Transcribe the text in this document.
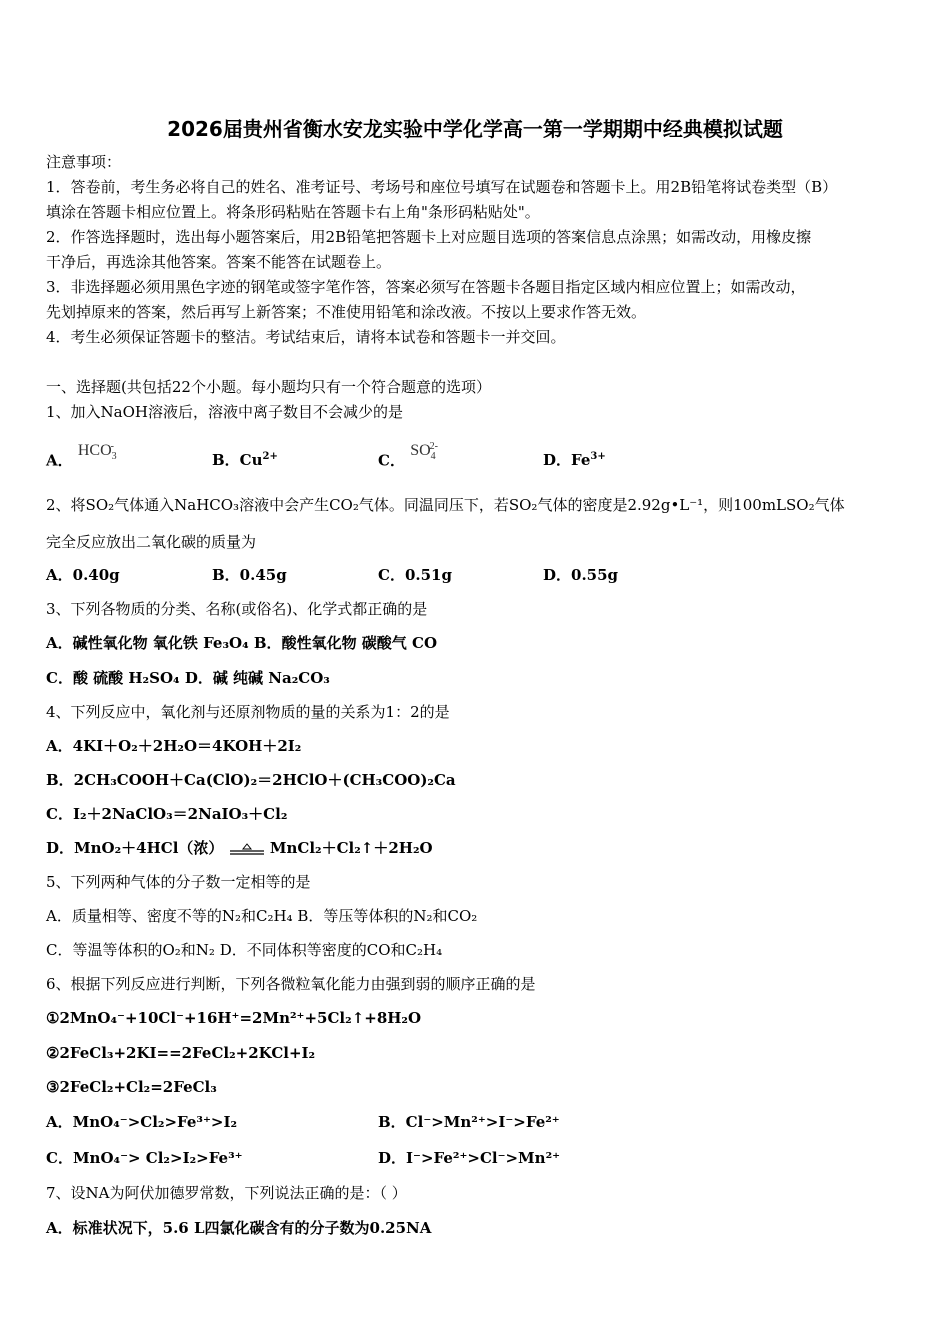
2026届贵州省衡水安龙实验中学化学高一第一学期期中经典模拟试题
注意事项：
1．答卷前，考生务必将自己的姓名、准考证号、考场号和座位号填写在试题卷和答题卡上。用2B铅笔将试卷类型（B）
填涂在答题卡相应位置上。将条形码粘贴在答题卡右上角"条形码粘贴处"。
2．作答选择题时，选出每小题答案后，用2B铅笔把答题卡上对应题目选项的答案信息点涂黑；如需改动，用橡皮擦
干净后，再选涂其他答案。答案不能答在试题卷上。
3．非选择题必须用黑色字迹的钢笔或签字笔作答，答案必须写在答题卡各题目指定区域内相应位置上；如需改动，
先划掉原来的答案，然后再写上新答案；不准使用铅笔和涂改液。不按以上要求作答无效。
4．考生必须保证答题卡的整洁。考试结束后，请将本试卷和答题卡一并交回。
一、选择题(共包括22个小题。每小题均只有一个符合题意的选项）
1、加入NaOH溶液后，溶液中离子数目不会减少的是
A． $HCO_3^-$
B．$Cu^{2+}$	C． $SO_4^{2-}$
D．$Fe^{3+}$
2、将SO₂气体通入NaHCO₃溶液中会产生CO₂气体。同温同压下，若SO₂气体的密度是2.92g•L⁻¹，则100mLSO₂气体
完全反应放出二氧化碳的质量为
A．0.40g	B．0.45g	C．0.51g	D．0.55g
3、下列各物质的分类、名称(或俗名)、化学式都正确的是
A．碱性氧化物 氧化铁 Fe₃O₄ B．酸性氧化物 碳酸气 CO
C．酸 硫酸 H₂SO₄ D．碱 纯碱 Na₂CO₃
4、下列反应中，氧化剂与还原剂物质的量的关系为1：2的是
A．4KI＋O₂＋2H₂O＝4KOH＋2I₂
B．2CH₃COOH＋Ca(ClO)₂＝2HClO＋(CH₃COO)₂Ca
C．I₂＋2NaClO₃＝2NaIO₃＋Cl₂
D．MnO₂＋4HCl（浓）	MnCl₂＋Cl₂↑＋2H₂O
5、下列两种气体的分子数一定相等的是
A．质量相等、密度不等的N₂和C₂H₄ B．等压等体积的N₂和CO₂
C．等温等体积的O₂和N₂ D．不同体积等密度的CO和C₂H₄
6、根据下列反应进行判断，下列各微粒氧化能力由强到弱的顺序正确的是
①2MnO₄⁻+10Cl⁻+16H⁺=2Mn²⁺+5Cl₂↑+8H₂O
②2FeCl₃+2KI==2FeCl₂+2KCl+I₂
③2FeCl₂+Cl₂=2FeCl₃
A．MnO₄⁻>Cl₂>Fe³⁺>I₂	B．Cl⁻>Mn²⁺>I⁻>Fe²⁺
C．MnO₄⁻> Cl₂>I₂>Fe³⁺	D．I⁻>Fe²⁺>Cl⁻>Mn²⁺
7、设NA为阿伏加德罗常数，下列说法正确的是：（ ）
A．标准状况下，5.6 L四氯化碳含有的分子数为0.25NA
